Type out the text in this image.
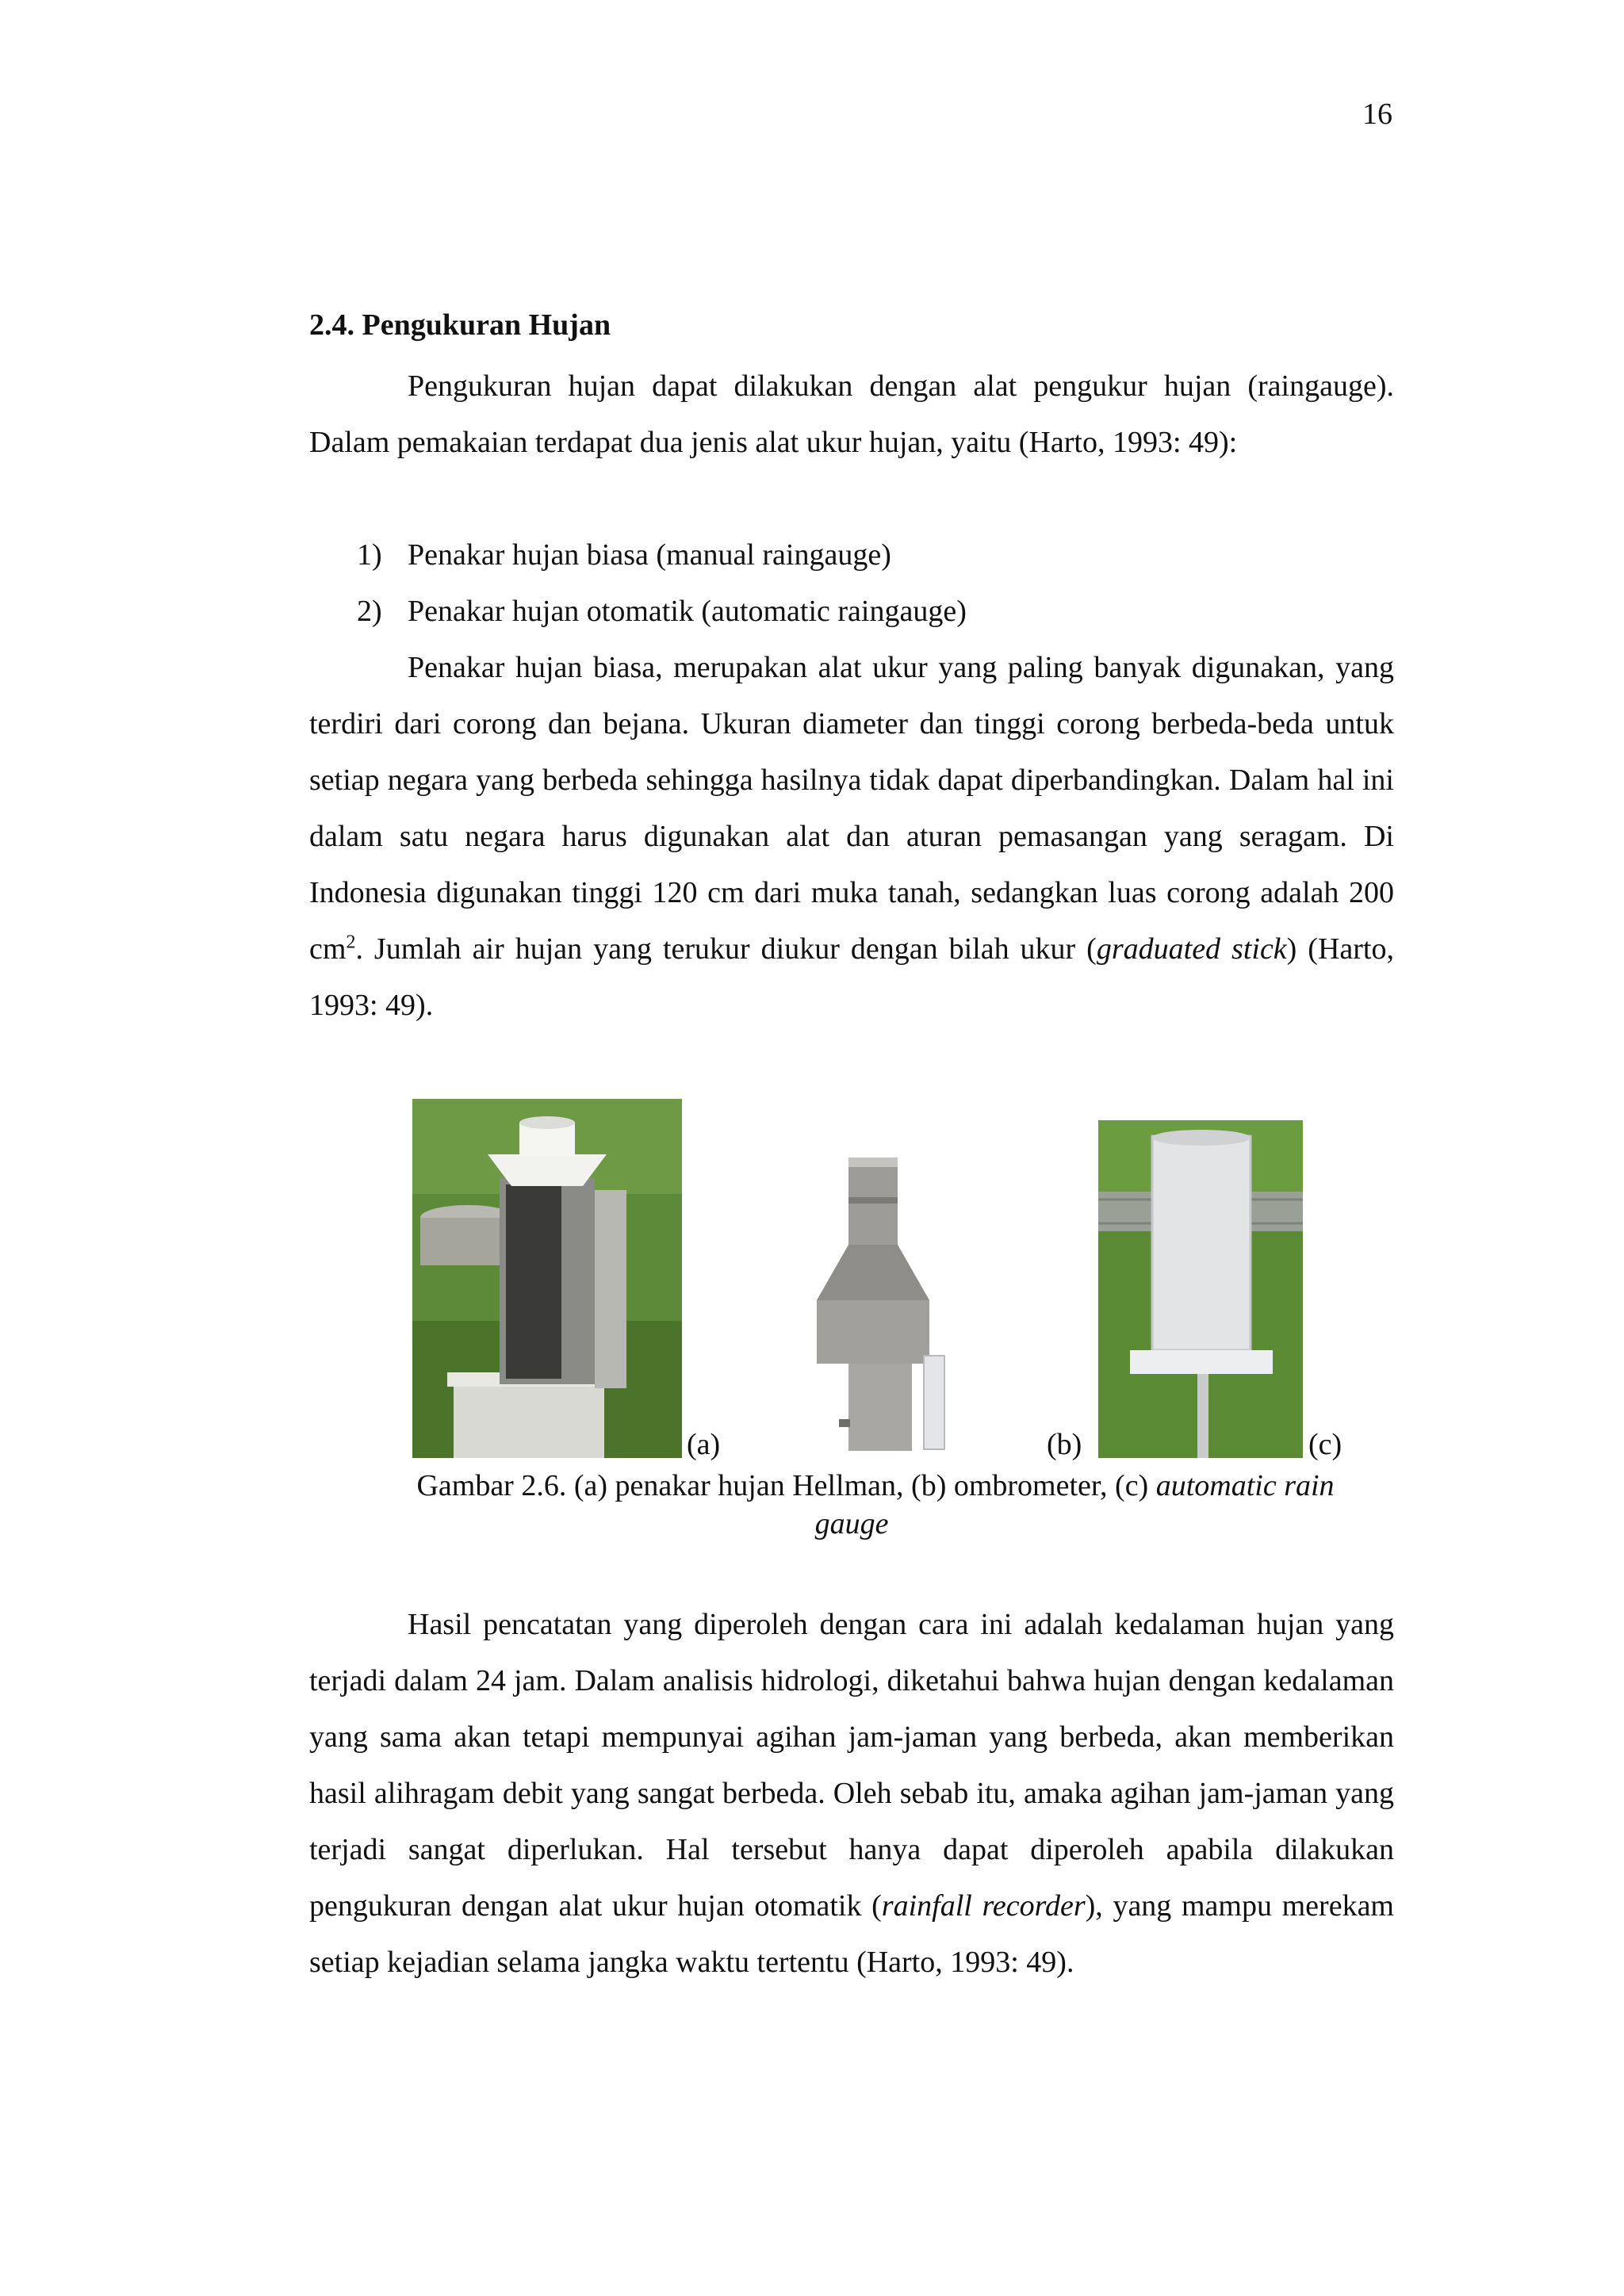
16
2.4. Pengukuran Hujan

Pengukuran hujan dapat dilakukan dengan alat pengukur hujan (raingauge). Dalam pemakaian terdapat dua jenis alat ukur hujan, yaitu (Harto, 1993: 49):

1) Penakar hujan biasa (manual raingauge)
2) Penakar hujan otomatik (automatic raingauge)

Penakar hujan biasa, merupakan alat ukur yang paling banyak digunakan, yang terdiri dari corong dan bejana. Ukuran diameter dan tinggi corong berbeda-beda untuk setiap negara yang berbeda sehingga hasilnya tidak dapat diperbandingkan. Dalam hal ini dalam satu negara harus digunakan alat dan aturan pemasangan yang seragam. Di Indonesia digunakan tinggi 120 cm dari muka tanah, sedangkan luas corong adalah 200 $cm^2$. Jumlah air hujan yang terukur diukur dengan bilah ukur (graduated stick) (Harto, 1993: 49).

(a)	(b)	(c)
Gambar 2.6. (a) penakar hujan Hellman, (b) ombrometer, (c) automatic rain
gauge

Hasil pencatatan yang diperoleh dengan cara ini adalah kedalaman hujan yang terjadi dalam 24 jam. Dalam analisis hidrologi, diketahui bahwa hujan dengan kedalaman yang sama akan tetapi mempunyai agihan jam-jaman yang berbeda, akan memberikan hasil alihragam debit yang sangat berbeda. Oleh sebab itu, amaka agihan jam-jaman yang terjadi sangat diperlukan. Hal tersebut hanya dapat diperoleh apabila dilakukan pengukuran dengan alat ukur hujan otomatik (rainfall recorder), yang mampu merekam setiap kejadian selama jangka waktu tertentu (Harto, 1993: 49).
